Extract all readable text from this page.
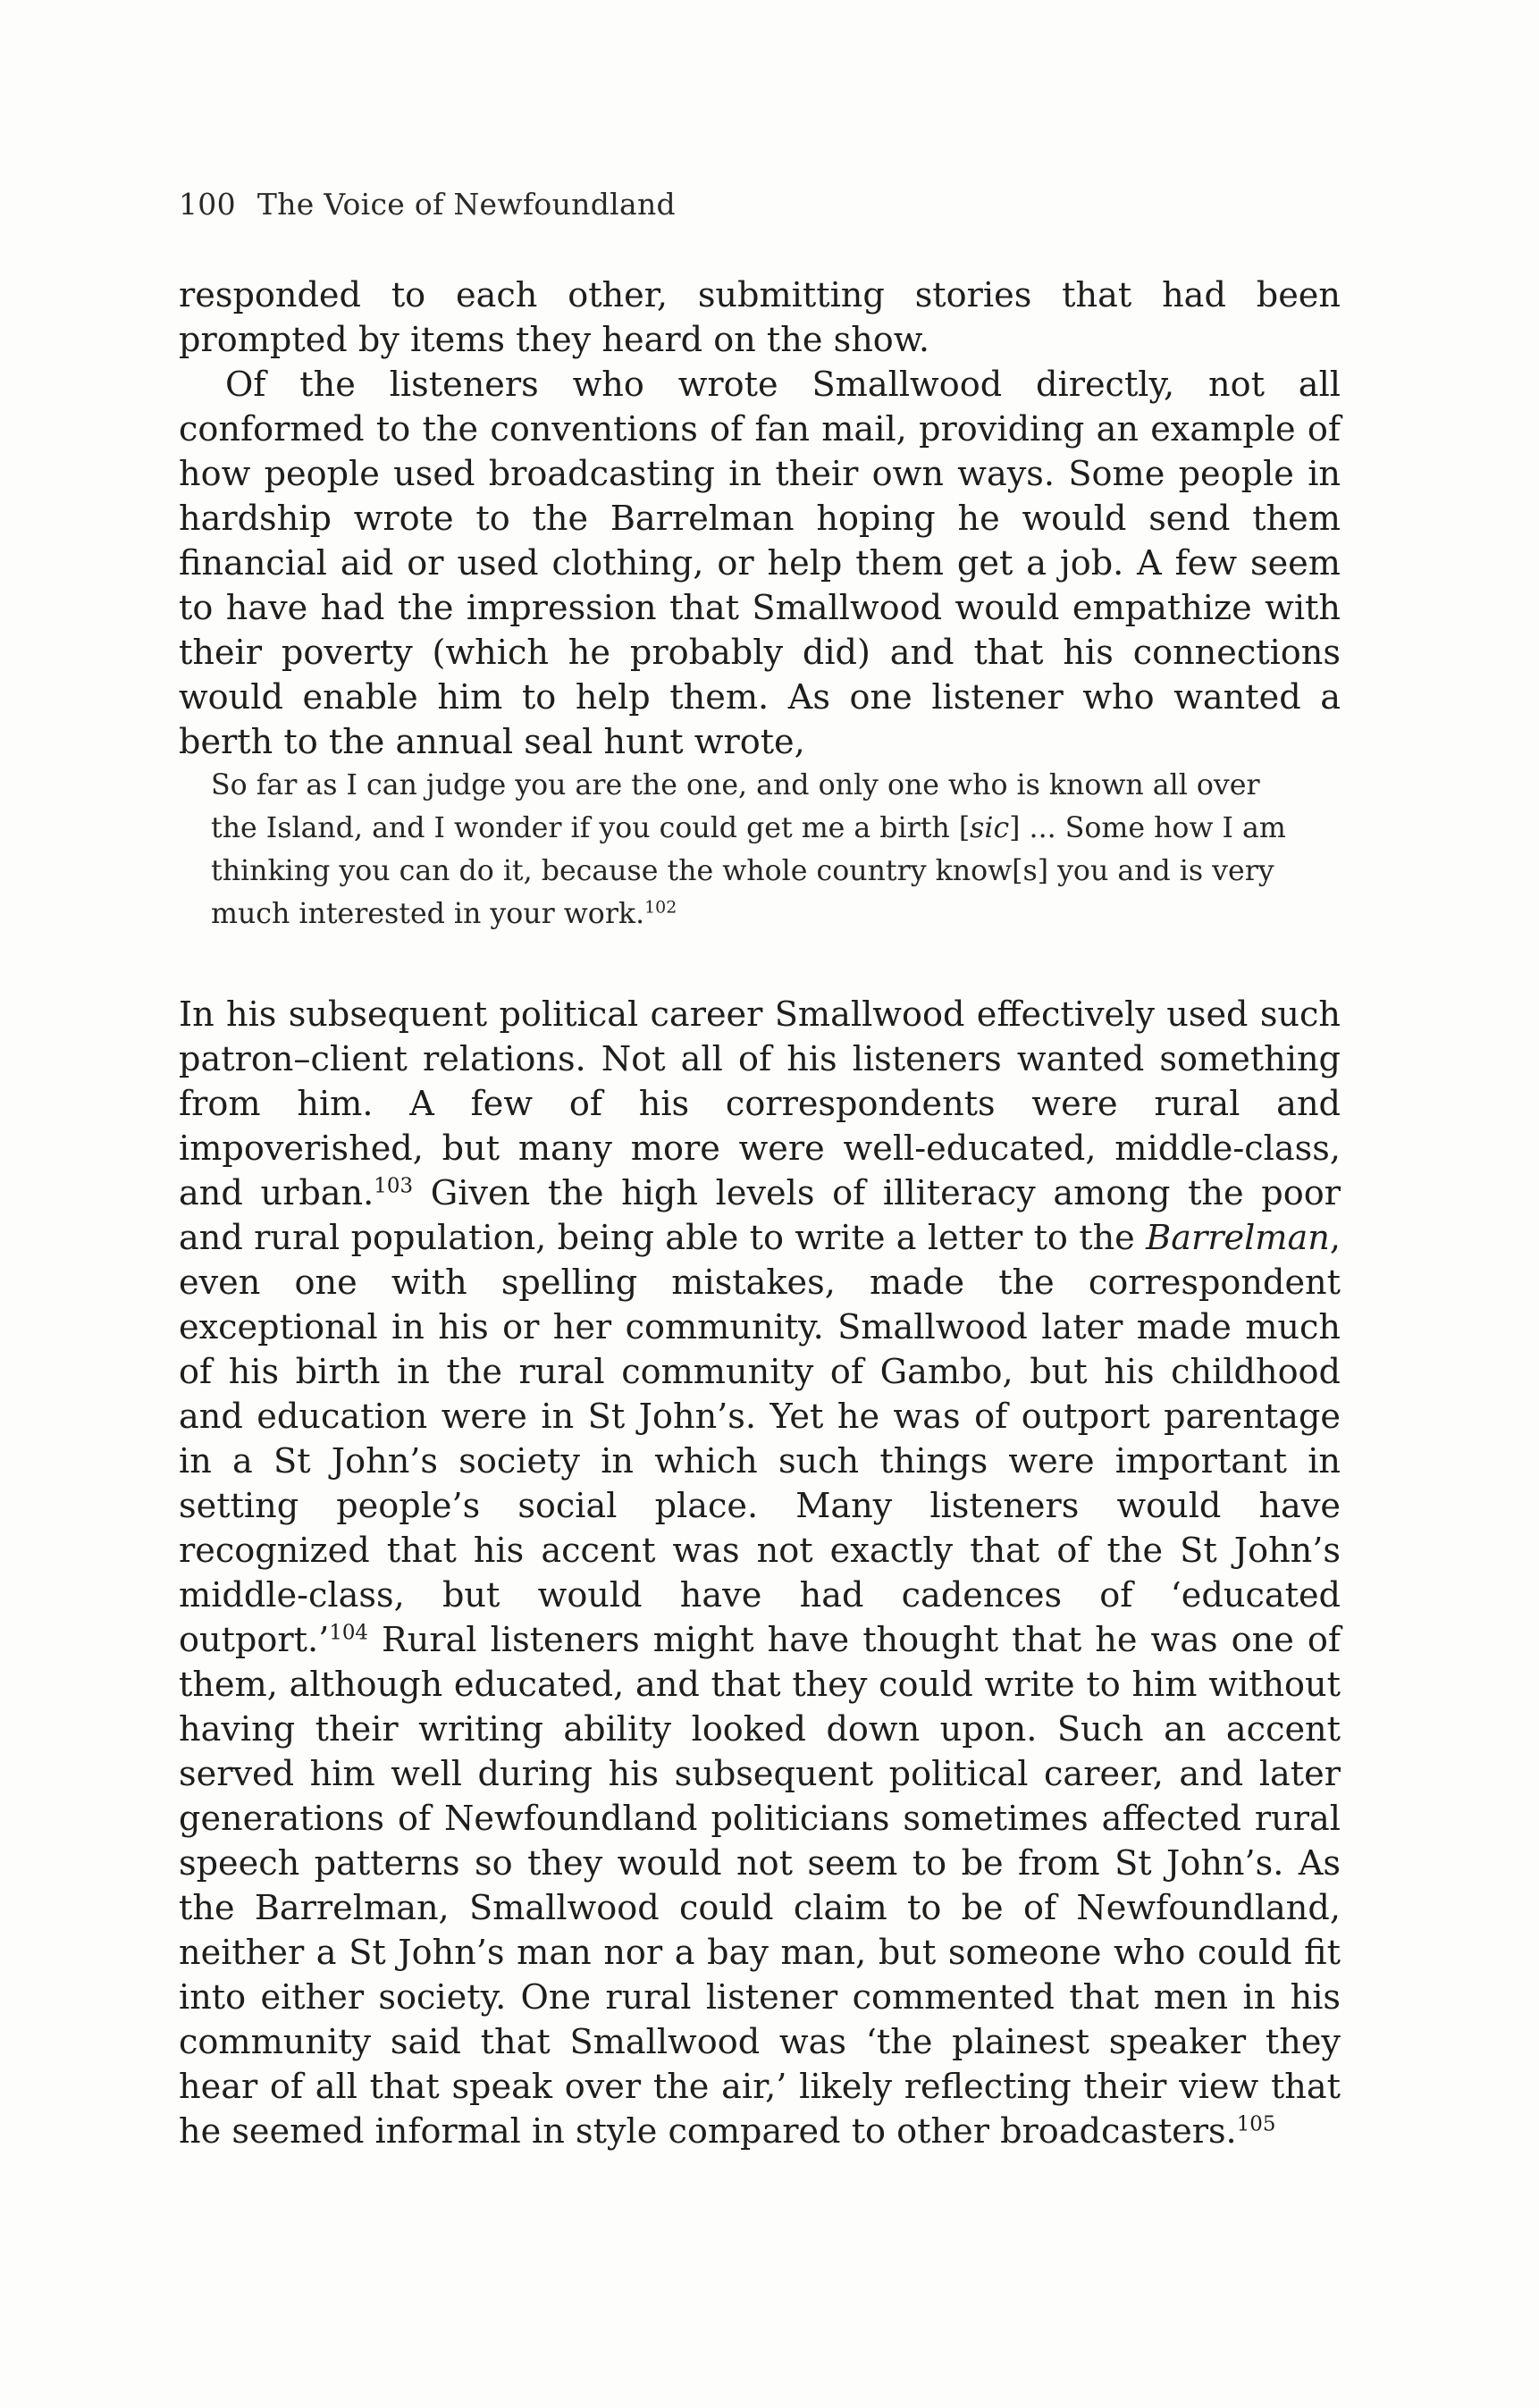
100 The Voice of Newfoundland

responded to each other, submitting stories that had been prompted by items they heard on the show.

Of the listeners who wrote Smallwood directly, not all conformed to the conventions of fan mail, providing an example of how people used broadcasting in their own ways. Some people in hardship wrote to the Barrelman hoping he would send them financial aid or used clothing, or help them get a job. A few seem to have had the impression that Smallwood would empathize with their poverty (which he probably did) and that his connections would enable him to help them. As one listener who wanted a berth to the annual seal hunt wrote,

So far as I can judge you are the one, and only one who is known all over the Island, and I wonder if you could get me a birth [sic] ... Some how I am thinking you can do it, because the whole country know[s] you and is very much interested in your work.$^{102}$

In his subsequent political career Smallwood effectively used such patron–client relations. Not all of his listeners wanted something from him. A few of his correspondents were rural and impoverished, but many more were well-educated, middle-class, and urban.$^{103}$ Given the high levels of illiteracy among the poor and rural population, being able to write a letter to the Barrelman, even one with spelling mistakes, made the correspondent exceptional in his or her community. Smallwood later made much of his birth in the rural community of Gambo, but his childhood and education were in St John’s. Yet he was of outport parentage in a St John’s society in which such things were important in setting people’s social place. Many listeners would have recognized that his accent was not exactly that of the St John’s middle-class, but would have had cadences of ‘educated outport.’$^{104}$ Rural listeners might have thought that he was one of them, although educated, and that they could write to him without having their writing ability looked down upon. Such an accent served him well during his subsequent political career, and later generations of Newfoundland politicians sometimes affected rural speech patterns so they would not seem to be from St John’s. As the Barrelman, Smallwood could claim to be of Newfoundland, neither a St John’s man nor a bay man, but someone who could fit into either society. One rural listener commented that men in his community said that Smallwood was ‘the plainest speaker they hear of all that speak over the air,’ likely reflecting their view that he seemed informal in style compared to other broadcasters.$^{105}$
